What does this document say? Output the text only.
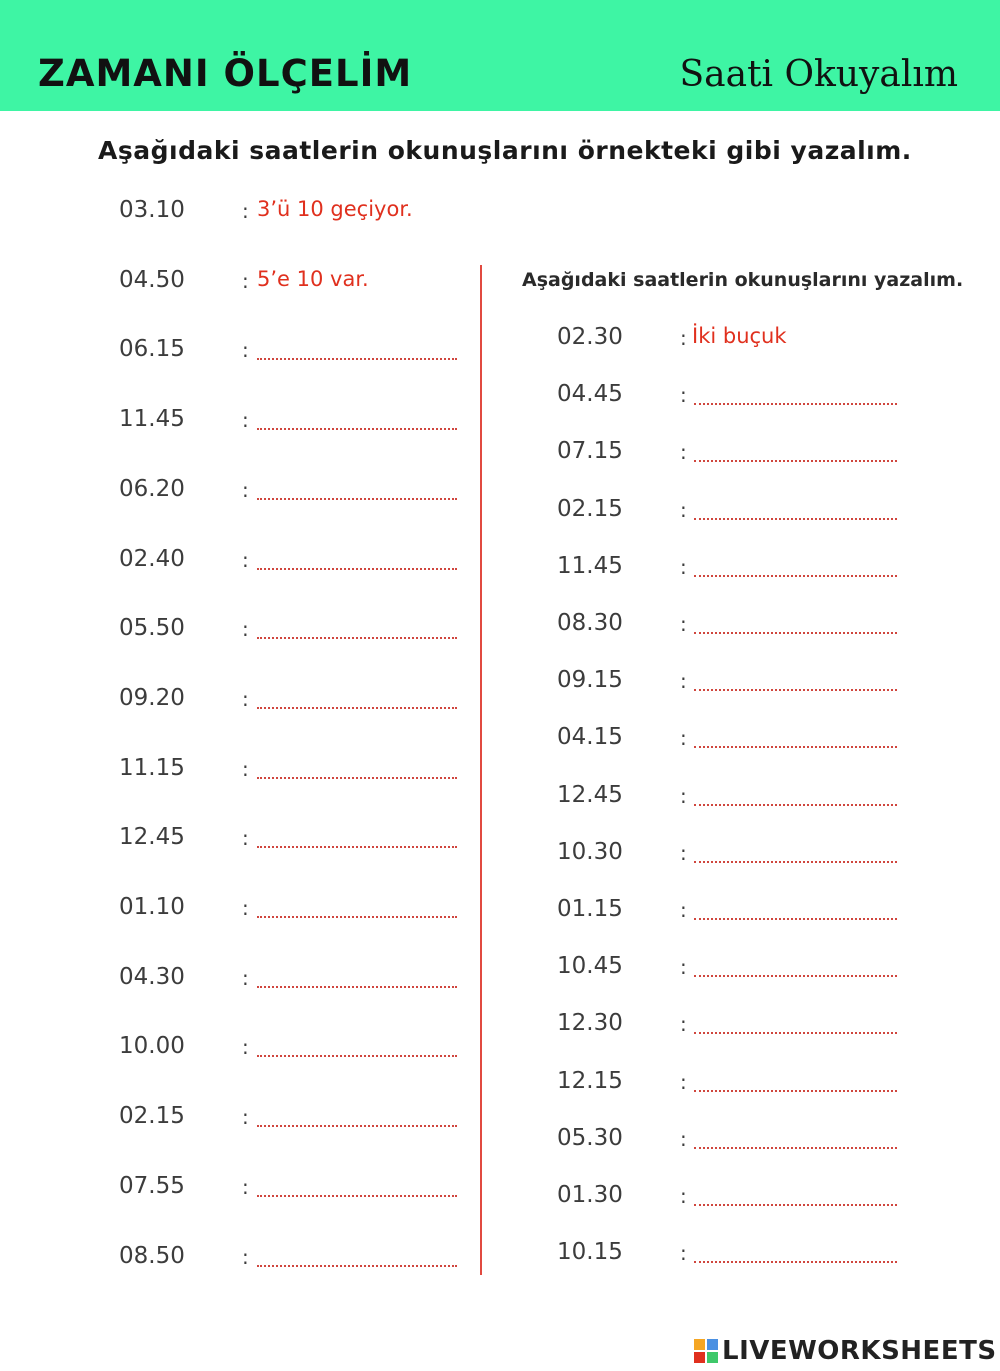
ZAMANI ÖLÇELİM	Saati Okuyalım
Aşağıdaki saatlerin okunuşlarını örnekteki gibi yazalım.
03.10	: 3’ü 10 geçiyor.
04.50	: 5’e 10 var.
06.15	:
11.45	:
06.20	:
02.40	:
05.50	:
09.20	:
11.15	:
12.45	:
01.10	:
04.30	:
10.00	:
02.15	:
07.55	:
08.50	:
Aşağıdaki saatlerin okunuşlarını yazalım.
02.30	: İki buçuk
04.45	:
07.15	:
02.15	:
11.45	:
08.30	:
09.15	:
04.15	:
12.45	:
10.30	:
01.15	:
10.45	:
12.30	:
12.15	:
05.30	:
01.30	:
10.15	:
LIVEWORKSHEETS
